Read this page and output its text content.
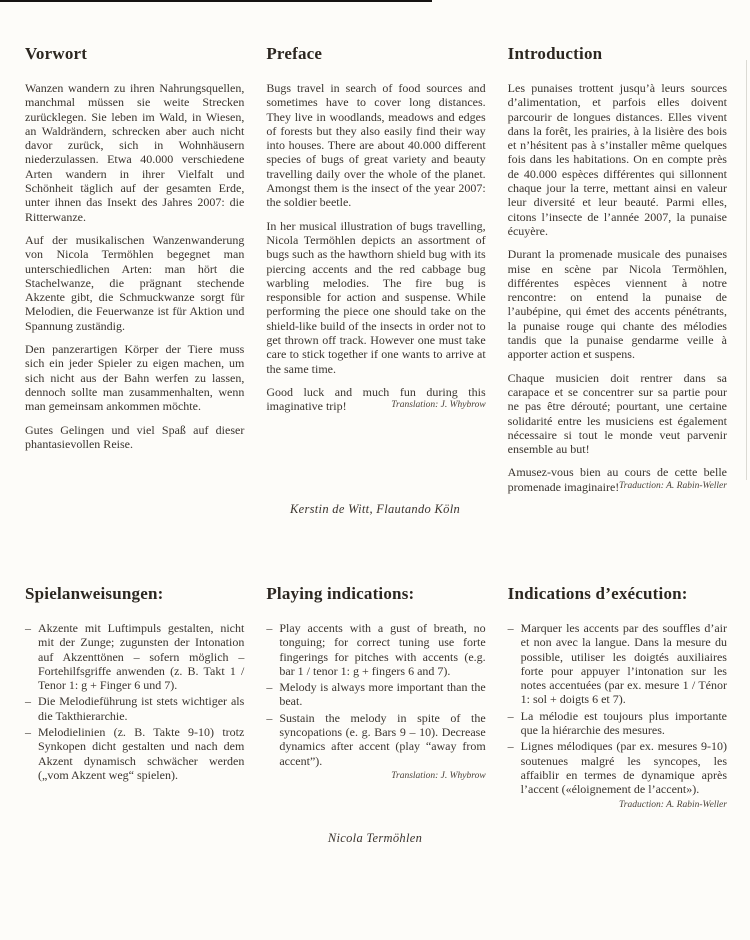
Vorwort
Wanzen wandern zu ihren Nahrungsquellen, manchmal müssen sie weite Strecken zurücklegen. Sie leben im Wald, in Wiesen, an Waldrändern, schrecken aber auch nicht davor zurück, sich in Wohnhäusern niederzulassen. Etwa 40.000 verschiedene Arten wandern in ihrer Vielfalt und Schönheit täglich auf der gesamten Erde, unter ihnen das Insekt des Jahres 2007: die Ritterwanze.
Auf der musikalischen Wanzenwanderung von Nicola Termöhlen begegnet man unterschiedlichen Arten: man hört die Stachelwanze, die prägnant stechende Akzente gibt, die Schmuckwanze sorgt für Melodien, die Feuerwanze ist für Aktion und Spannung zuständig.
Den panzerartigen Körper der Tiere muss sich ein jeder Spieler zu eigen machen, um sich nicht aus der Bahn werfen zu lassen, dennoch sollte man zusammenhalten, wenn man gemeinsam ankommen möchte.
Gutes Gelingen und viel Spaß auf dieser phantasievollen Reise.
Preface
Bugs travel in search of food sources and sometimes have to cover long distances. They live in woodlands, meadows and edges of forests but they also easily find their way into houses. There are about 40.000 different species of bugs of great variety and beauty travelling daily over the whole of the planet. Amongst them is the insect of the year 2007: the soldier beetle.
In her musical illustration of bugs travelling, Nicola Termöhlen depicts an assortment of bugs such as the hawthorn shield bug with its piercing accents and the red cabbage bug warbling melodies. The fire bug is responsible for action and suspense. While performing the piece one should take on the shield-like build of the insects in order not to get thrown off track. However one must take care to stick together if one wants to arrive at the same time.
Good luck and much fun during this imaginative trip!	Translation: J. Whybrow
Introduction
Les punaises trottent jusqu’à leurs sources d’alimentation, et parfois elles doivent parcourir de longues distances. Elles vivent dans la forêt, les prairies, à la lisière des bois et n’hésitent pas à s’installer même quelques fois dans les habitations. On en compte près de 40.000 espèces différentes qui sillonnent chaque jour la terre, mettant ainsi en valeur leur diversité et leur beauté. Parmi elles, citons l’insecte de l’année 2007, la punaise écuyère.
Durant la promenade musicale des punaises mise en scène par Nicola Termöhlen, différentes espèces viennent à notre rencontre: on entend la punaise de l’aubépine, qui émet des accents pénétrants, la punaise rouge qui chante des mélodies tandis que la punaise gendarme veille à apporter action et suspens.
Chaque musicien doit rentrer dans sa carapace et se concentrer sur sa partie pour ne pas être dérouté; pourtant, une certaine solidarité entre les musiciens est également nécessaire si tout le monde veut parvenir ensemble au but!
Amusez-vous bien au cours de cette belle promenade imaginaire! Traduction: A. Rabin-Weller
Kerstin de Witt, Flautando Köln
Spielanweisungen:
– Akzente mit Luftimpuls gestalten, nicht mit der Zunge; zugunsten der Intonation auf Akzenttönen – sofern möglich – Fortehilfsgriffe anwenden (z. B. Takt 1 / Tenor 1: g + Finger 6 und 7).
– Die Melodieführung ist stets wichtiger als die Takthierarchie.
– Melodielinien (z. B. Takte 9-10) trotz Synkopen dicht gestalten und nach dem Akzent dynamisch schwächer werden („vom Akzent weg“ spielen).
Playing indications:
– Play accents with a gust of breath, no tonguing; for correct tuning use forte fingerings for pitches with accents (e.g. bar 1 / tenor 1: g + fingers 6 and 7).
– Melody is always more important than the beat.
– Sustain the melody in spite of the syncopations (e. g. Bars 9 – 10). Decrease dynamics after accent (play “away from accent”).
Translation: J. Whybrow
Indications d’exécution:
– Marquer les accents par des souffles d’air et non avec la langue. Dans la mesure du possible, utiliser les doigtés auxiliaires forte pour appuyer l’intonation sur les notes accentuées (par ex. mesure 1 / Ténor 1: sol + doigts 6 et 7).
– La mélodie est toujours plus importante que la hiérarchie des mesures.
– Lignes mélodiques (par ex. mesures 9-10) soutenues malgré les syncopes, les affaiblir en termes de dynamique après l’accent («éloignement de l’accent»).
Traduction: A. Rabin-Weller
Nicola Termöhlen
